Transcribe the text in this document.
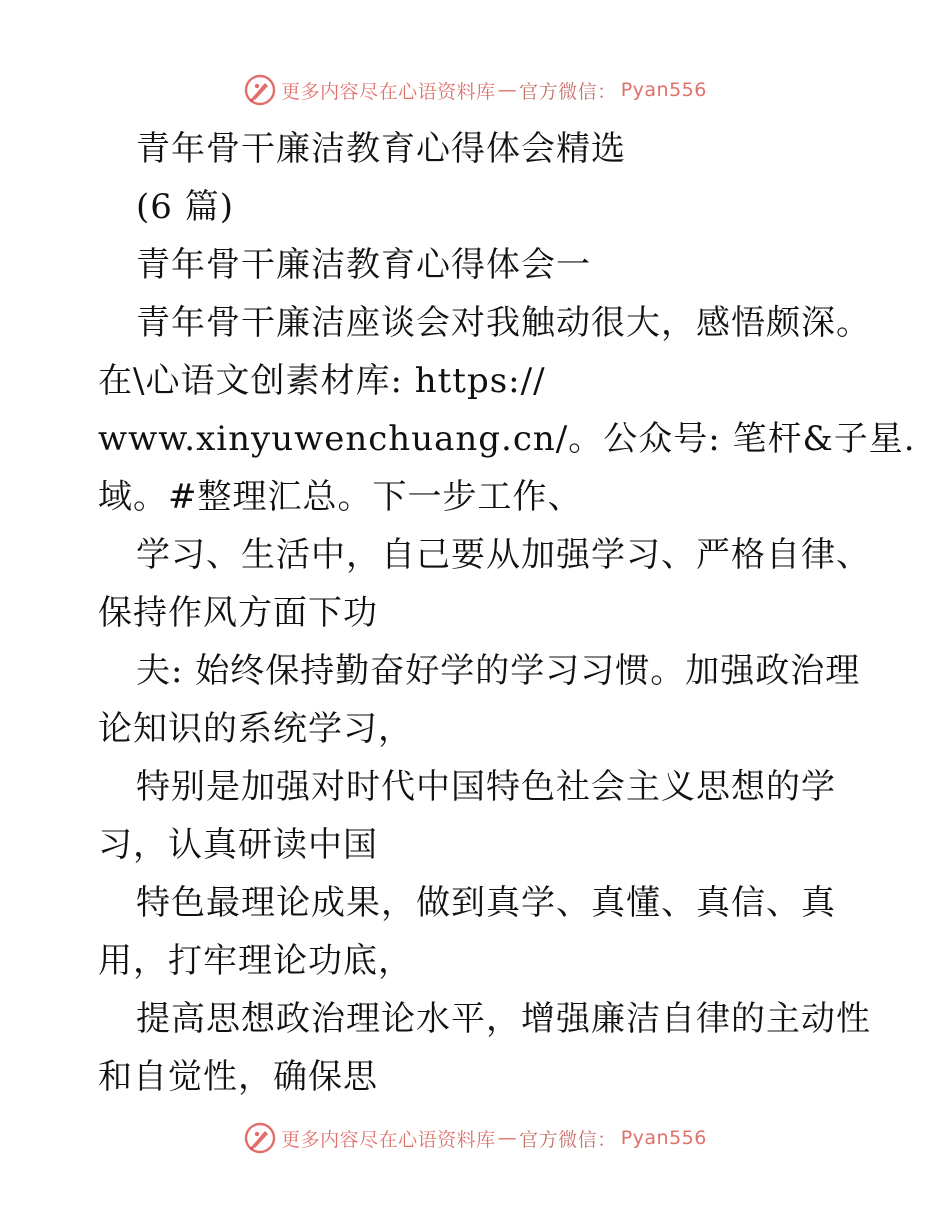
更多内容尽在心语资料库 — 官方微信： Pyan556
青年骨干廉洁教育心得体会精选
(6 篇)
青年骨干廉洁教育心得体会一
青年骨干廉洁座谈会对我触动很大，感悟颇深。
在\心语文创素材库: https://
www.xinyuwenchuang.cn/。公众号: 笔杆&子星.
域。#整理汇总。下一步工作、
学习、生活中，自己要从加强学习、严格自律、
保持作风方面下功
夫: 始终保持勤奋好学的学习习惯。加强政治理
论知识的系统学习，
特别是加强对时代中国特色社会主义思想的学
习，认真研读中国
特色最理论成果，做到真学、真懂、真信、真
用，打牢理论功底，
提高思想政治理论水平，增强廉洁自律的主动性
和自觉性，确保思
更多内容尽在心语资料库 — 官方微信： Pyan556
